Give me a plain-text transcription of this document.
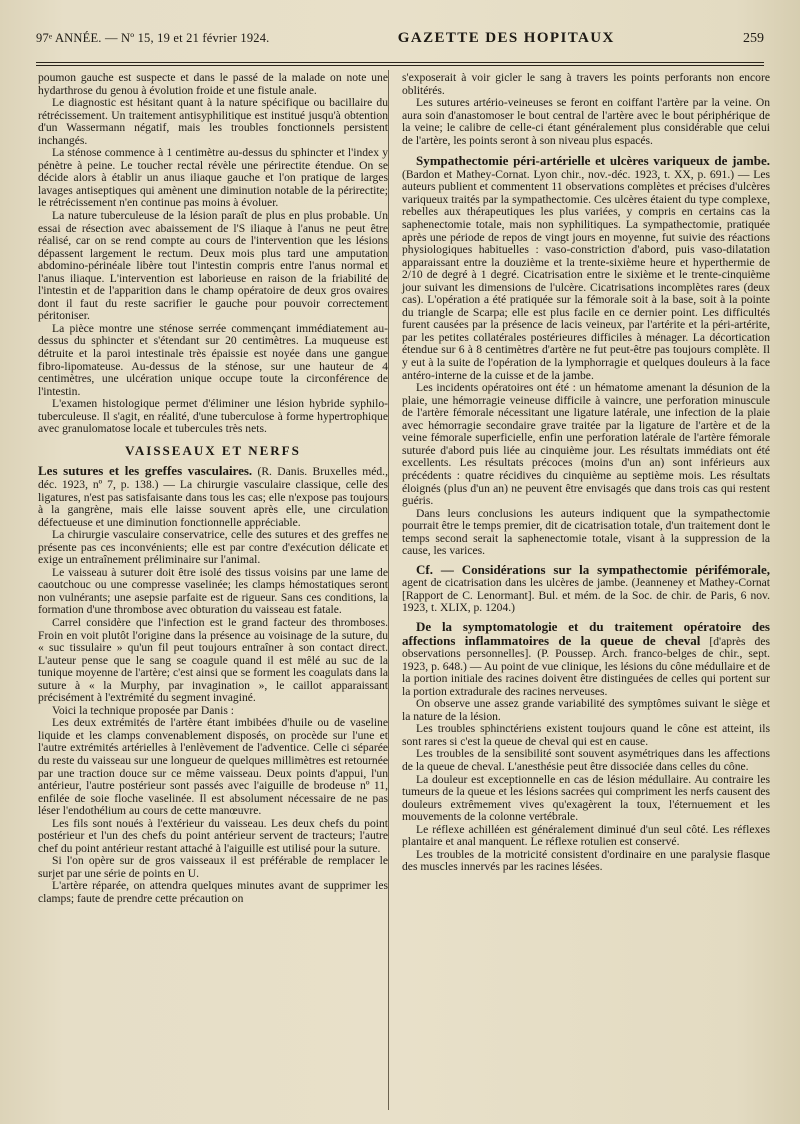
97ᵉ ANNÉE. — Nº 15, 19 et 21 février 1924.	GAZETTE DES HOPITAUX	259

poumon gauche est suspecte et dans le passé de la malade on note une hydarthrose du genou à évolution froide et une fistule anale.

Le diagnostic est hésitant quant à la nature spécifique ou bacillaire du rétrécissement. Un traitement antisyphilitique est institué jusqu'à obtention d'un Wassermann négatif, mais les troubles fonctionnels persistent inchangés.

La sténose commence à 1 centimètre au-dessus du sphincter et l'index y pénètre à peine. Le toucher rectal révèle une périrectite étendue. On se décide alors à établir un anus iliaque gauche et l'on pratique de larges lavages antiseptiques qui amènent une diminution notable de la périrectite; le rétrécissement n'en continue pas moins à évoluer.

La nature tuberculeuse de la lésion paraît de plus en plus probable. Un essai de résection avec abaissement de l'S iliaque à l'anus ne peut être réalisé, car on se rend compte au cours de l'intervention que les lésions dépassent largement le rectum. Deux mois plus tard une amputation abdomino-périnéale libère tout l'intestin compris entre l'anus normal et l'anus iliaque. L'intervention est laborieuse en raison de la friabilité de l'intestin et de l'apparition dans le champ opératoire de deux gros ovaires dont il faut du reste sacrifier le gauche pour pouvoir correctement péritoniser.

La pièce montre une sténose serrée commençant immédiatement au-dessus du sphincter et s'étendant sur 20 centimètres. La muqueuse est détruite et la paroi intestinale très épaissie est noyée dans une gangue fibro-lipomateuse. Au-dessus de la sténose, sur une hauteur de 4 centimètres, une ulcération unique occupe toute la circonférence de l'intestin.

L'examen histologique permet d'éliminer une lésion hybride syphilo-tuberculeuse. Il s'agit, en réalité, d'une tuberculose à forme hypertrophique avec granulomatose locale et tubercules très nets.

VAISSEAUX ET NERFS

Les sutures et les greffes vasculaires. (R. Danis. Bruxelles méd., déc. 1923, nº 7, p. 138.) — La chirurgie vasculaire classique, celle des ligatures, n'est pas satisfaisante dans tous les cas; elle n'expose pas toujours à la gangrène, mais elle laisse souvent après elle, une circulation défectueuse et une diminution fonctionnelle appréciable.

La chirurgie vasculaire conservatrice, celle des sutures et des greffes ne présente pas ces inconvénients; elle est par contre d'exécution délicate et exige un entraînement préliminaire sur l'animal.

Le vaisseau à suturer doit être isolé des tissus voisins par une lame de caoutchouc ou une compresse vaselinée; les clamps hémostatiques seront non vulnérants; une asepsie parfaite est de rigueur. Sans ces conditions, la formation d'une thrombose avec obturation du vaisseau est fatale.

Carrel considère que l'infection est le grand facteur des thromboses. Froin en voit plutôt l'origine dans la présence au voisinage de la suture, du « suc tissulaire » qu'un fil peut toujours entraîner à son contact direct. L'auteur pense que le sang se coagule quand il est mêlé au suc de la tunique moyenne de l'artère; c'est ainsi que se forment les coagulats dans la suture à « la Murphy, par invagination », le caillot apparaissant précisément à l'extrémité du segment invaginé.

Voici la technique proposée par Danis :

Les deux extrémités de l'artère étant imbibées d'huile ou de vaseline liquide et les clamps convenablement disposés, on procède sur l'une et l'autre extrémités artérielles à l'enlèvement de l'adventice. Celle ci séparée du reste du vaisseau sur une longueur de quelques millimètres est retournée par une traction douce sur ce même vaisseau. Deux points d'appui, l'un antérieur, l'autre postérieur sont passés avec l'aiguille de brodeuse nº 11, enfilée de soie floche vaselinée. Il est absolument nécessaire de ne pas léser l'endothélium au cours de cette manœuvre.

Les fils sont noués à l'extérieur du vaisseau. Les deux chefs du point postérieur et l'un des chefs du point antérieur servent de tracteurs; l'autre chef du point antérieur restant attaché à l'aiguille est utilisé pour la suture.

Si l'on opère sur de gros vaisseaux il est préférable de remplacer le surjet par une série de points en U.

L'artère réparée, on attendra quelques minutes avant de supprimer les clamps; faute de prendre cette précaution on

s'exposerait à voir gicler le sang à travers les points perforants non encore oblitérés.

Les sutures artério-veineuses se feront en coiffant l'artère par la veine. On aura soin d'anastomoser le bout central de l'artère avec le bout périphérique de la veine; le calibre de celle-ci étant généralement plus considérable que celui de l'artère, les points seront à son niveau plus espacés.

Sympathectomie péri-artérielle et ulcères variqueux de jambe. (Bardon et Mathey-Cornat. Lyon chir., nov.-déc. 1923, t. XX, p. 691.) — Les auteurs publient et commentent 11 observations complètes et précises d'ulcères variqueux traités par la sympathectomie. Ces ulcères étaient du type complexe, rebelles aux thérapeutiques les plus variées, y compris en certains cas la saphenectomie totale, mais non syphilitiques. La sympathectomie, pratiquée après une période de repos de vingt jours en moyenne, fut suivie des réactions physiologiques habituelles : vaso-constriction d'abord, puis vaso-dilatation apparaissant entre la douzième et la trente-sixième heure et hyperthermie de 2/10 de degré à 1 degré. Cicatrisation entre le sixième et le trente-cinquième jour suivant les dimensions de l'ulcère. Cicatrisations incomplètes rares (deux cas). L'opération a été pratiquée sur la fémorale soit à la base, soit à la pointe du triangle de Scarpa; elle est plus facile en ce dernier point. Les difficultés furent causées par la présence de lacis veineux, par l'artérite et la péri-artérite, par les petites collatérales postérieures difficiles à ménager. La décortication étendue sur 6 à 8 centimètres d'artère ne fut peut-être pas toujours complète. Il y eut à la suite de l'opération de la lymphorragie et quelques douleurs à la face antéro-interne de la cuisse et de la jambe.

Les incidents opératoires ont été : un hématome amenant la désunion de la plaie, une hémorragie veineuse difficile à vaincre, une perforation minuscule de l'artère fémorale nécessitant une ligature latérale, une infection de la plaie avec hémorragie secondaire grave traitée par la ligature de l'artère et de la veine fémorale superficielle, enfin une perforation latérale de l'artère fémorale suturée d'abord puis liée au cinquième jour. Les résultats immédiats ont été excellents. Les résultats précoces (moins d'un an) sont inférieurs aux précédents : quatre récidives du cinquième au septième mois. Les résultats éloignés (plus d'un an) ne peuvent être envisagés que dans trois cas qui restent guéris.

Dans leurs conclusions les auteurs indiquent que la sympathectomie pourrait être le temps premier, dit de cicatrisation totale, d'un traitement dont le temps second serait la saphenectomie totale, visant à la suppression de la cause, les varices.

Cf. — Considérations sur la sympathectomie périfémorale, agent de cicatrisation dans les ulcères de jambe. (Jeanneney et Mathey-Cornat [Rapport de C. Lenormant]. Bul. et mém. de la Soc. de chir. de Paris, 6 nov. 1923, t. XLIX, p. 1204.)

De la symptomatologie et du traitement opératoire des affections inflammatoires de la queue de cheval [d'après des observations personnelles]. (P. Poussep. Arch. franco-belges de chir., sept. 1923, p. 648.) — Au point de vue clinique, les lésions du cône médullaire et de la portion initiale des racines doivent être distinguées de celles qui portent sur la portion extradurale des racines nerveuses.

On observe une assez grande variabilité des symptômes suivant le siège et la nature de la lésion.

Les troubles sphinctériens existent toujours quand le cône est atteint, ils sont rares si c'est la queue de cheval qui est en cause.

Les troubles de la sensibilité sont souvent asymétriques dans les affections de la queue de cheval. L'anesthésie peut être dissociée dans celles du cône.

La douleur est exceptionnelle en cas de lésion médullaire. Au contraire les tumeurs de la queue et les lésions sacrées qui compriment les nerfs causent des douleurs extrêmement vives qu'exagèrent la toux, l'éternuement et les mouvements de la colonne vertébrale.

Le réflexe achilléen est généralement diminué d'un seul côté. Les réflexes plantaire et anal manquent. Le réflexe rotulien est conservé.

Les troubles de la motricité consistent d'ordinaire en une paralysie flasque des muscles innervés par les racines lésées.
